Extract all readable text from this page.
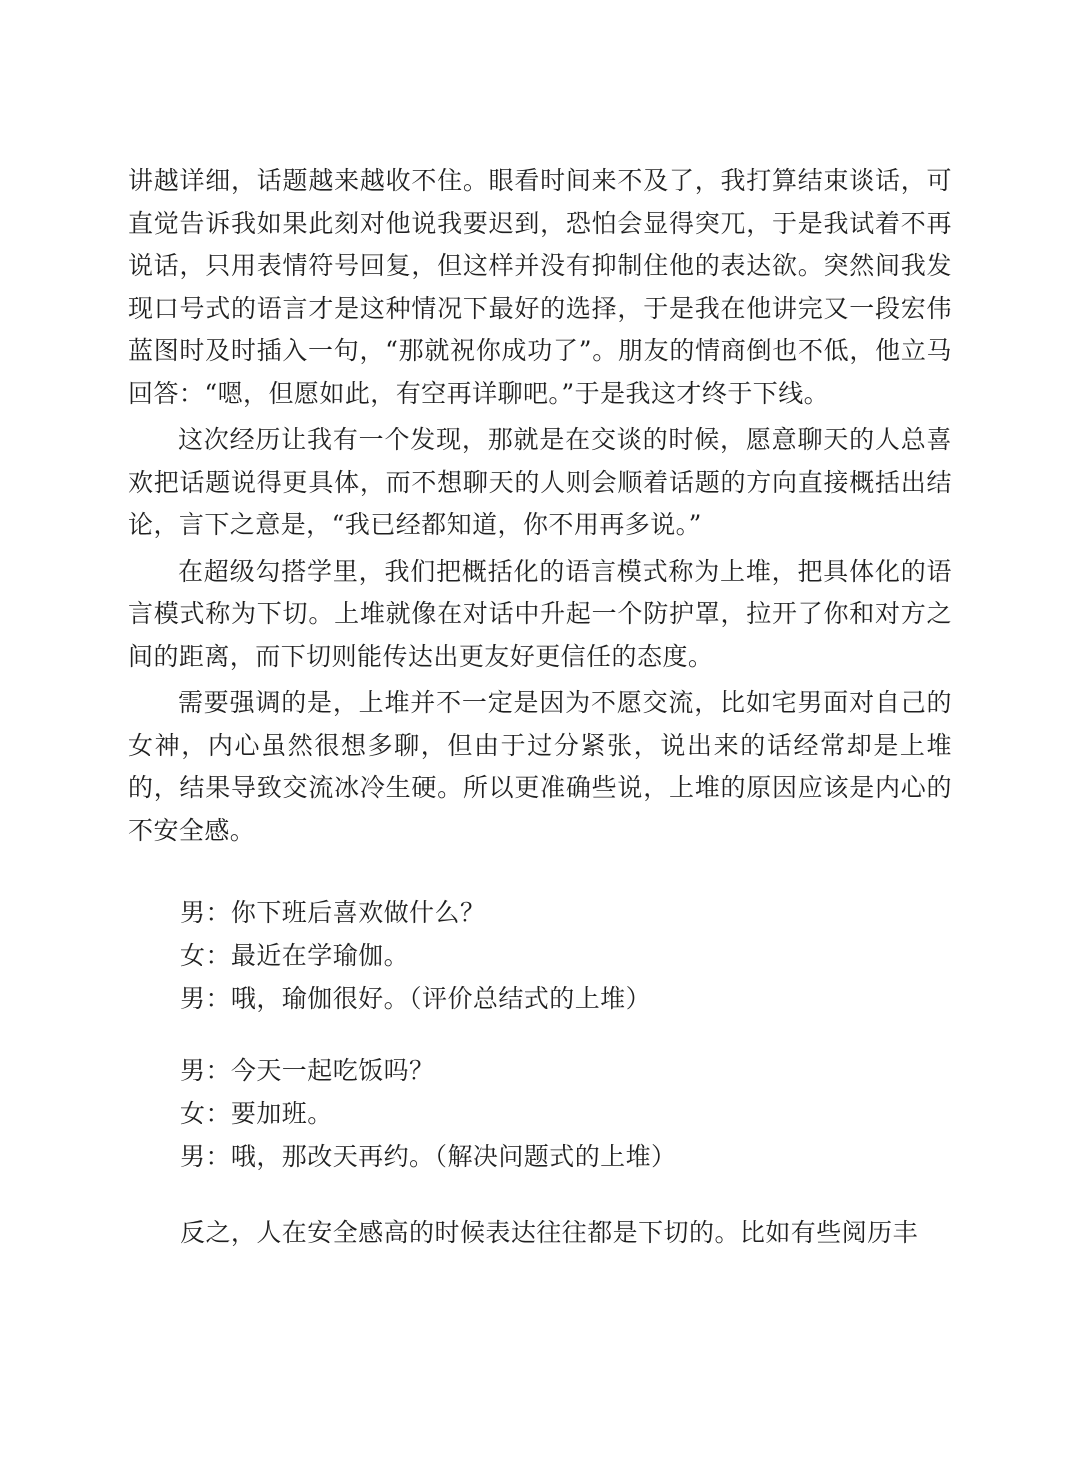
讲越详细，话题越来越收不住。眼看时间来不及了，我打算结束谈话，可直觉告诉我如果此刻对他说我要迟到，恐怕会显得突兀，于是我试着不再说话，只用表情符号回复，但这样并没有抑制住他的表达欲。突然间我发现口号式的语言才是这种情况下最好的选择，于是我在他讲完又一段宏伟蓝图时及时插入一句，“那就祝你成功了”。朋友的情商倒也不低，他立马回答：“嗯，但愿如此，有空再详聊吧。”于是我这才终于下线。

这次经历让我有一个发现，那就是在交谈的时候，愿意聊天的人总喜欢把话题说得更具体，而不想聊天的人则会顺着话题的方向直接概括出结论，言下之意是，“我已经都知道，你不用再多说。”

在超级勾搭学里，我们把概括化的语言模式称为上堆，把具体化的语言模式称为下切。上堆就像在对话中升起一个防护罩，拉开了你和对方之间的距离，而下切则能传达出更友好更信任的态度。

需要强调的是，上堆并不一定是因为不愿交流，比如宅男面对自己的女神，内心虽然很想多聊，但由于过分紧张，说出来的话经常却是上堆的，结果导致交流冰冷生硬。所以更准确些说，上堆的原因应该是内心的不安全感。

男：你下班后喜欢做什么？

女：最近在学瑜伽。

男：哦，瑜伽很好。（评价总结式的上堆）

男：今天一起吃饭吗？

女：要加班。

男：哦，那改天再约。（解决问题式的上堆）

反之，人在安全感高的时候表达往往都是下切的。比如有些阅历丰
